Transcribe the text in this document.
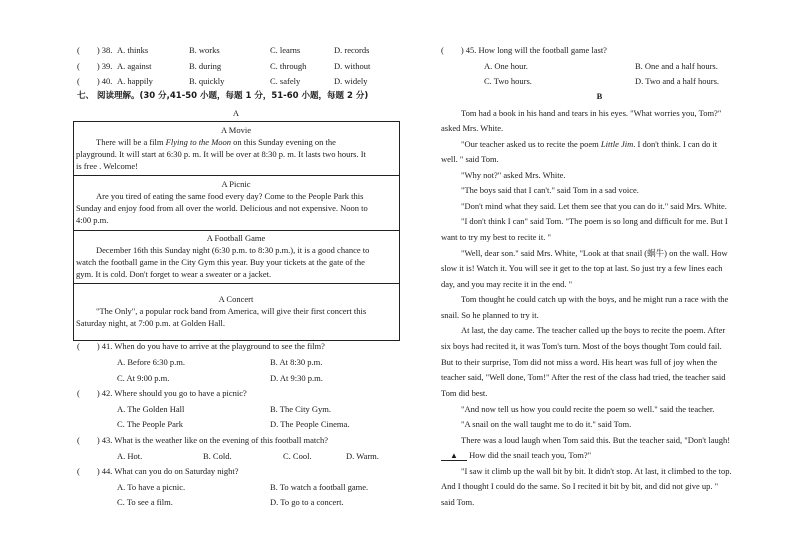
(　　) 38. A. thinks	B. works	C. learns	D. records
(　　) 39. A. against	B. during	C. through	D. without
(　　) 40. A. happily	B. quickly	C. safely	D. widely
七、 阅读理解。(30 分,41-50 小题，每题 1 分，51-60 小题，每题 2 分)
A
A Movie
There will be a film Flying to the Moon on this Sunday evening on the
playground. It will start at 6:30 p. m. It will be over at 8:30 p. m. It lasts two hours. It
is free . Welcome!
A Picnic
Are you tired of eating the same food every day? Come to the People Park this
Sunday and enjoy food from all over the world. Delicious and not expensive. Noon to
4:00 p.m.
A Football Game
December 16th this Sunday night (6:30 p.m. to 8:30 p.m.), it is a good chance to
watch the football game in the City Gym this year. Buy your tickets at the gate of the
gym. It is cold. Don't forget to wear a sweater or a jacket.
A Concert
"The Only", a popular rock band from America, will give their first concert this
Saturday night, at 7:00 p.m. at Golden Hall.
(　　) 41. When do you have to arrive at the playground to see the film?
A. Before 6:30 p.m.	B. At 8:30 p.m.
C. At 9:00 p.m.	D. At 9:30 p.m.
(　　) 42. Where should you go to have a picnic?
A. The Golden Hall	B. The City Gym.
C. The People Park	D. The People Cinema.
(　　) 43. What is the weather like on the evening of this football match?
A. Hot.	B. Cold.	C. Cool.	D. Warm.
(　　) 44. What can you do on Saturday night?
A. To have a picnic.	B. To watch a football game.
C. To see a film.	D. To go to a concert.
(　　) 45. How long will the football game last?
A. One hour.	B. One and a half hours.
C. Two hours.	D. Two and a half hours.
B
Tom had a book in his hand and tears in his eyes. "What worries you, Tom?"
asked Mrs. White.
"Our teacher asked us to recite the poem Little Jim. I don't think. I can do it
well. " said Tom.
"Why not?" asked Mrs. White.
"The boys said that I can't." said Tom in a sad voice.
"Don't mind what they said. Let them see that you can do it." said Mrs. White.
"I don't think I can" said Tom. "The poem is so long and difficult for me. But I
want to try my best to recite it. "
"Well, dear son." said Mrs. White, "Look at that snail (蜗牛) on the wall. How
slow it is! Watch it. You will see it get to the top at last. So just try a few lines each
day, and you may recite it in the end. "
Tom thought he could catch up with the boys, and he might run a race with the
snail. So he planned to try it.
At last, the day came. The teacher called up the boys to recite the poem. After
six boys had recited it, it was Tom's turn. Most of the boys thought Tom could fail.
But to their surprise, Tom did not miss a word. His heart was full of joy when the
teacher said, "Well done, Tom!" After the rest of the class had tried, the teacher said
Tom did best.
"And now tell us how you could recite the poem so well." said the teacher.
"A snail on the wall taught me to do it." said Tom.
There was a loud laugh when Tom said this. But the teacher said, "Don't laugh!
▲ How did the snail teach you, Tom?"
"I saw it climb up the wall bit by bit. It didn't stop. At last, it climbed to the top.
And I thought I could do the same. So I recited it bit by bit, and did not give up. "
said Tom.
